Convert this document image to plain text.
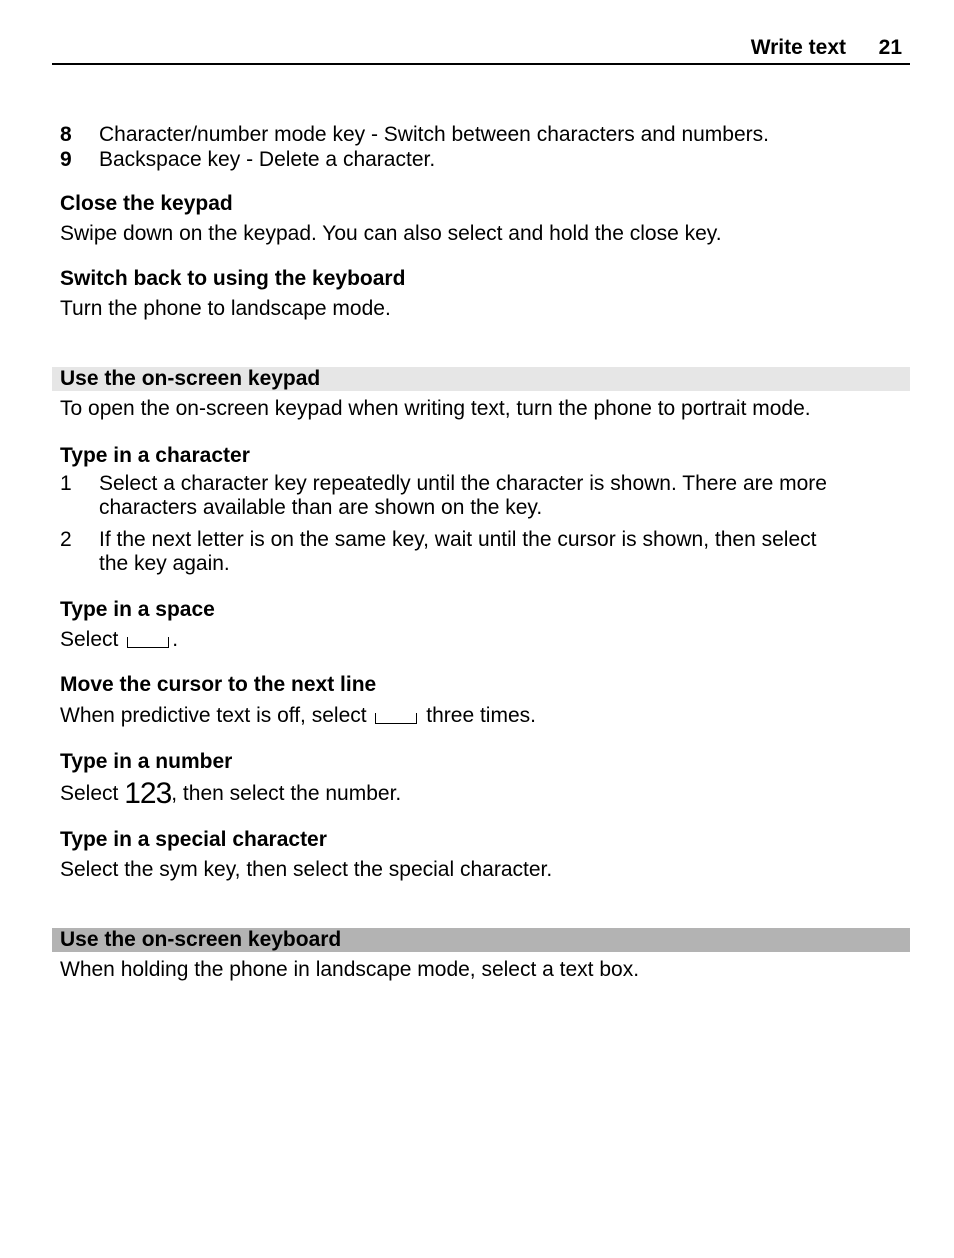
Write text 21
8 Character/number mode key - Switch between characters and numbers.
9 Backspace key - Delete a character.
Close the keypad
Swipe down on the keypad. You can also select and hold the close key.
Switch back to using the keyboard
Turn the phone to landscape mode.
Use the on-screen keypad
To open the on-screen keypad when writing text, turn the phone to portrait mode.
Type in a character
1 Select a character key repeatedly until the character is shown. There are more
characters available than are shown on the key.
2 If the next letter is on the same key, wait until the cursor is shown, then select
the key again.
Type in a space
Select .
Move the cursor to the next line
When predictive text is off, select  three times.
Type in a number
Select 123, then select the number.
Type in a special character
Select the sym key, then select the special character.
Use the on-screen keyboard
When holding the phone in landscape mode, select a text box.
